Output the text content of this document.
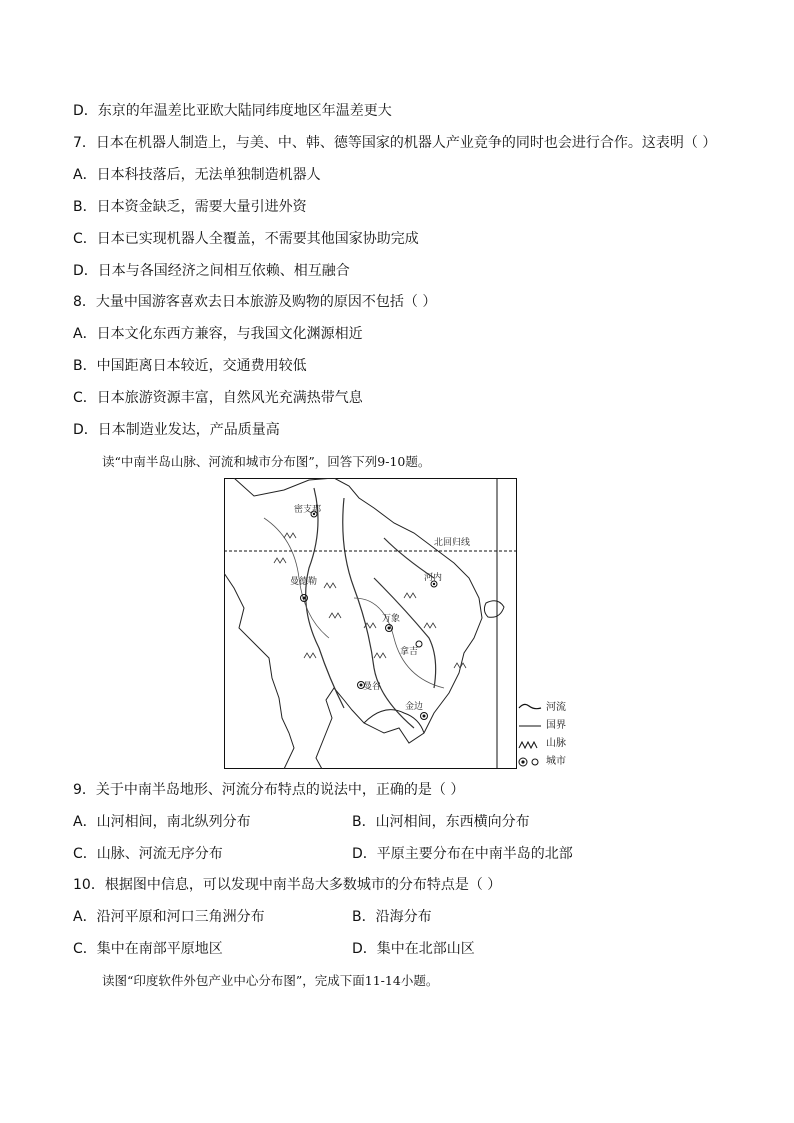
D．东京的年温差比亚欧大陆同纬度地区年温差更大
7．日本在机器人制造上，与美、中、韩、德等国家的机器人产业竞争的同时也会进行合作。这表明（ ）
A．日本科技落后，无法单独制造机器人
B．日本资金缺乏，需要大量引进外资
C．日本已实现机器人全覆盖，不需要其他国家协助完成
D．日本与各国经济之间相互依赖、相互融合
8．大量中国游客喜欢去日本旅游及购物的原因不包括（ ）
A．日本文化东西方兼容，与我国文化渊源相近
B．中国距离日本较近，交通费用较低
C．日本旅游资源丰富，自然风光充满热带气息
D．日本制造业发达，产品质量高
读“中南半岛山脉、河流和城市分布图”，回答下列9-10题。
北回归线
密支那
曼德勒	河内
万象
拿吉
曼谷
金边	河流
国界
山脉
城市
9．关于中南半岛地形、河流分布特点的说法中，正确的是（ ）
A．山河相间，南北纵列分布	B．山河相间，东西横向分布
C．山脉、河流无序分布	D．平原主要分布在中南半岛的北部
10．根据图中信息，可以发现中南半岛大多数城市的分布特点是（ ）
A．沿河平原和河口三角洲分布	B．沿海分布
C．集中在南部平原地区	D．集中在北部山区
读图“印度软件外包产业中心分布图”，完成下面11-14小题。
